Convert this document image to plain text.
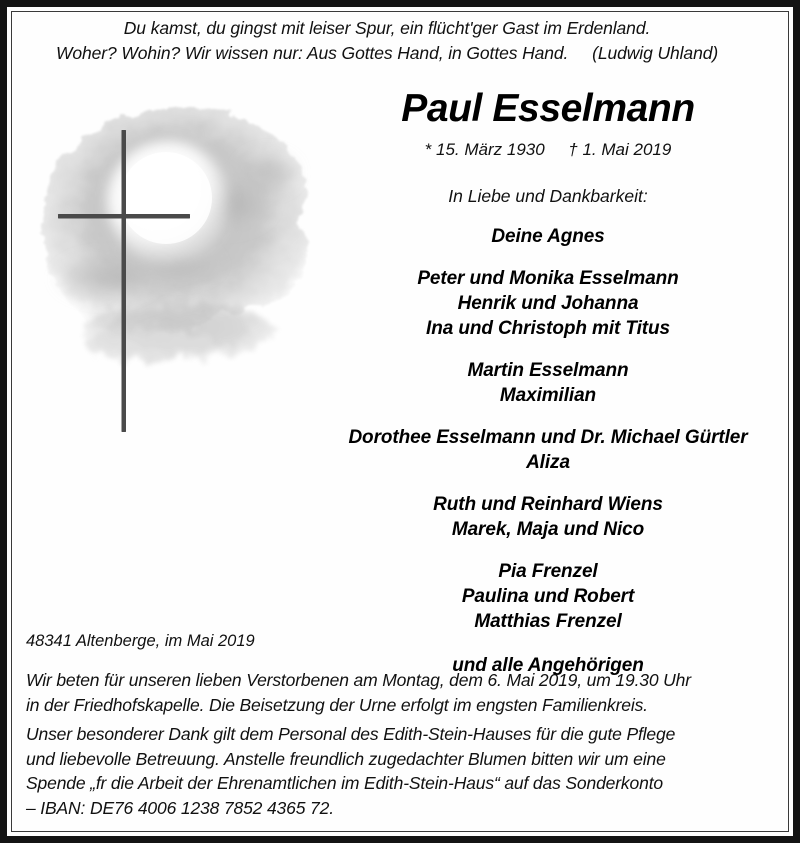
Du kamst, du gingst mit leiser Spur, ein flücht'ger Gast im Erdenland.
Woher? Wohin? Wir wissen nur: Aus Gottes Hand, in Gottes Hand.     (Ludwig Uhland)
Paul Esselmann
* 15. März 1930     † 1. Mai 2019
In Liebe und Dankbarkeit:
Deine Agnes
Peter und Monika Esselmann
Henrik und Johanna
Ina und Christoph mit Titus
Martin Esselmann
Maximilian
Dorothee Esselmann und Dr. Michael Gürtler
Aliza
Ruth und Reinhard Wiens
Marek, Maja und Nico
Pia Frenzel
Paulina und Robert
Matthias Frenzel
und alle Angehörigen
48341 Altenberge, im Mai 2019
Wir beten für unseren lieben Verstorbenen am Montag, dem 6. Mai 2019, um 19.30 Uhr
in der Friedhofskapelle. Die Beisetzung der Urne erfolgt im engsten Familienkreis.
Unser besonderer Dank gilt dem Personal des Edith-Stein-Hauses für die gute Pflege
und liebevolle Betreuung. Anstelle freundlich zugedachter Blumen bitten wir um eine
Spende „fr die Arbeit der Ehrenamtlichen im Edith-Stein-Haus“ auf das Sonderkonto
– IBAN: DE76 4006 1238 7852 4365 72.
